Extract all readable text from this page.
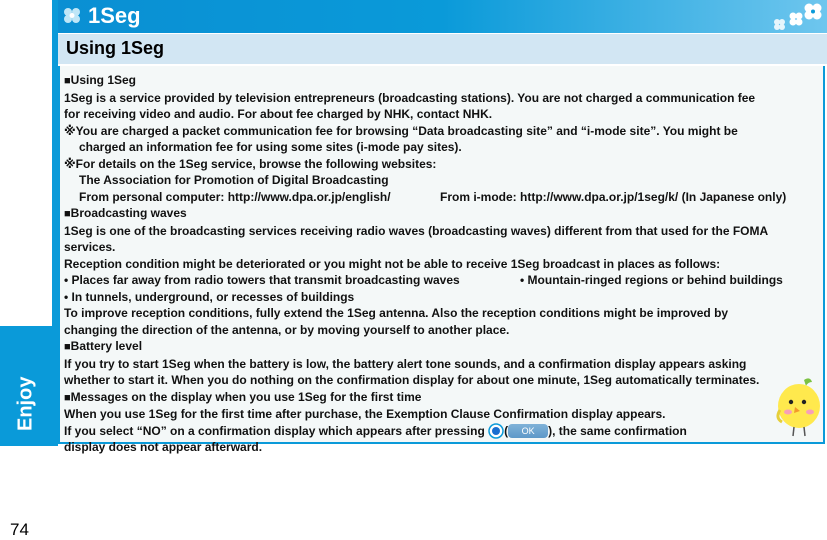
Enjoy
74
1Seg
Using 1Seg
■Using 1Seg
1Seg is a service provided by television entrepreneurs (broadcasting stations). You are not charged a communication fee
for receiving video and audio. For about fee charged by NHK, contact NHK.
※You are charged a packet communication fee for browsing “Data broadcasting site” and “i-mode site”. You might be
charged an information fee for using some sites (i-mode pay sites).
※For details on the 1Seg service, browse the following websites:
The Association for Promotion of Digital Broadcasting
From personal computer: http://www.dpa.or.jp/english/	From i-mode: http://www.dpa.or.jp/1seg/k/ (In Japanese only)
■Broadcasting waves
1Seg is one of the broadcasting services receiving radio waves (broadcasting waves) different from that used for the FOMA
services.
Reception condition might be deteriorated or you might not be able to receive 1Seg broadcast in places as follows:
• Places far away from radio towers that transmit broadcasting waves	• Mountain-ringed regions or behind buildings
• In tunnels, underground, or recesses of buildings
To improve reception conditions, fully extend the 1Seg antenna. Also the reception conditions might be improved by
changing the direction of the antenna, or by moving yourself to another place.
■Battery level
If you try to start 1Seg when the battery is low, the battery alert tone sounds, and a confirmation display appears asking
whether to start it. When you do nothing on the confirmation display for about one minute, 1Seg automatically terminates.
■Messages on the display when you use 1Seg for the first time
When you use 1Seg for the first time after purchase, the Exemption Clause Confirmation display appears.
If you select “NO” on a confirmation display which appears after pressing ( OK ), the same confirmation
display does not appear afterward.
